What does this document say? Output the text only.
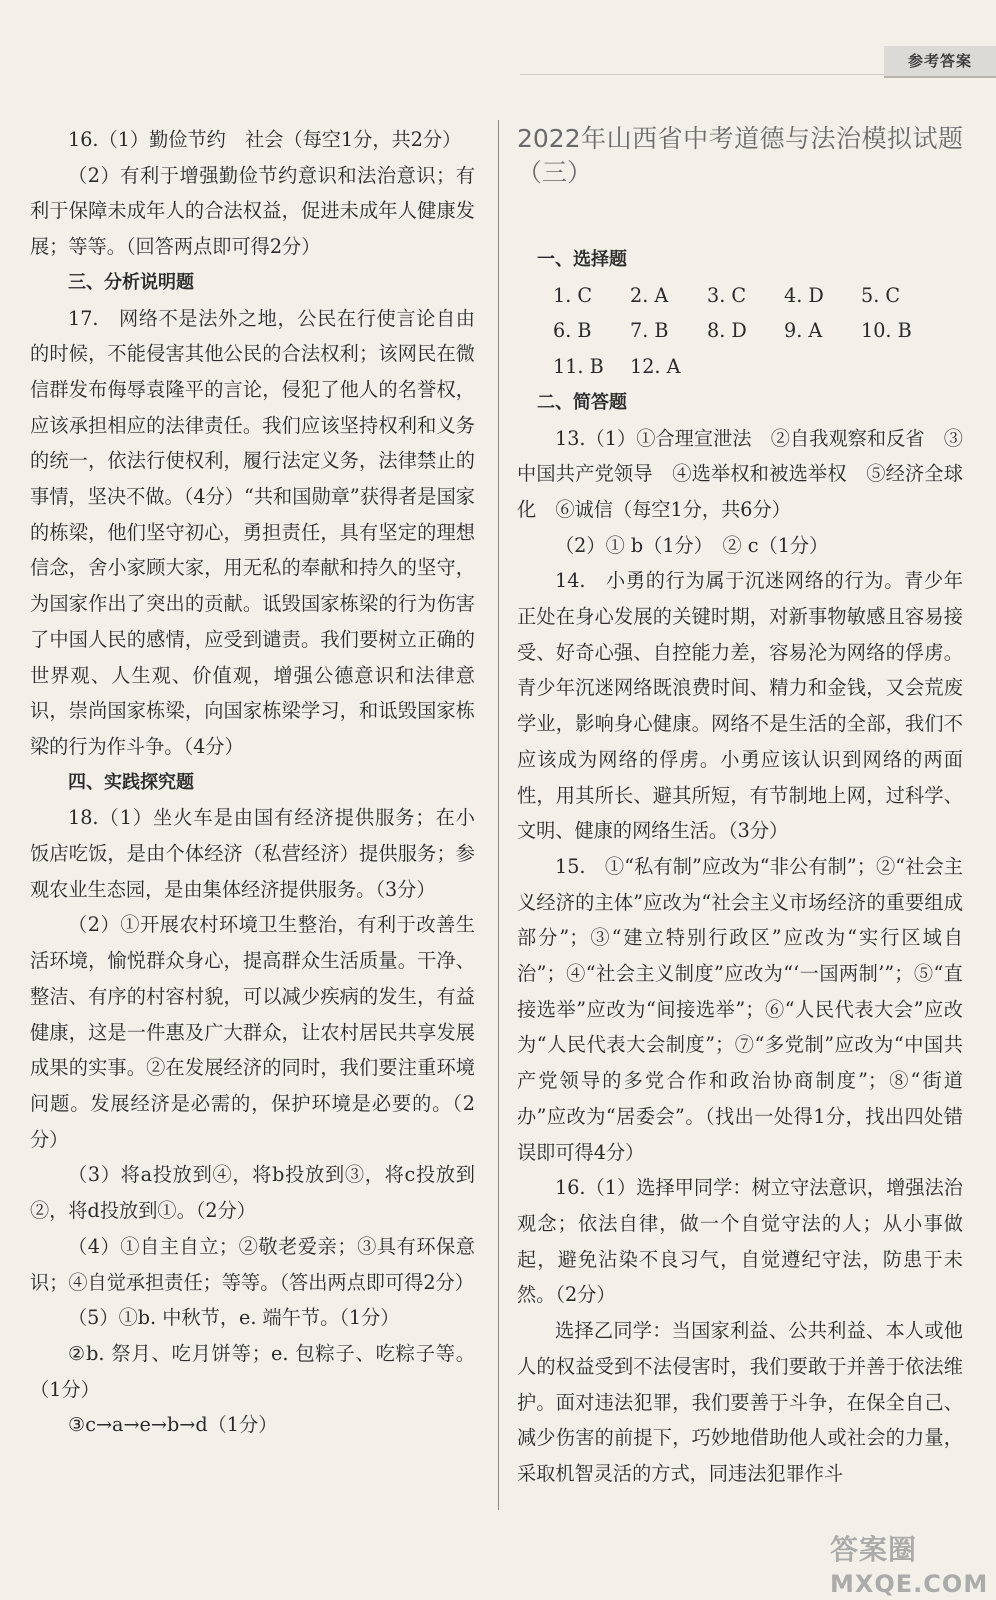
参考答案

16.（1）勤俭节约　社会（每空1分，共2分）

（2）有利于增强勤俭节约意识和法治意识；有利于保障未成年人的合法权益，促进未成年人健康发展；等等。（回答两点即可得2分）

三、分析说明题

17.　网络不是法外之地，公民在行使言论自由的时候，不能侵害其他公民的合法权利；该网民在微信群发布侮辱袁隆平的言论，侵犯了他人的名誉权，应该承担相应的法律责任。我们应该坚持权利和义务的统一，依法行使权利，履行法定义务，法律禁止的事情，坚决不做。（4分）“共和国勋章”获得者是国家的栋梁，他们坚守初心，勇担责任，具有坚定的理想信念，舍小家顾大家，用无私的奉献和持久的坚守，为国家作出了突出的贡献。诋毁国家栋梁的行为伤害了中国人民的感情，应受到谴责。我们要树立正确的世界观、人生观、价值观，增强公德意识和法律意识，崇尚国家栋梁，向国家栋梁学习，和诋毁国家栋梁的行为作斗争。（4分）

四、实践探究题

18.（1）坐火车是由国有经济提供服务；在小饭店吃饭，是由个体经济（私营经济）提供服务；参观农业生态园，是由集体经济提供服务。（3分）

（2）①开展农村环境卫生整治，有利于改善生活环境，愉悦群众身心，提高群众生活质量。干净、整洁、有序的村容村貌，可以减少疾病的发生，有益健康，这是一件惠及广大群众，让农村居民共享发展成果的实事。②在发展经济的同时，我们要注重环境问题。发展经济是必需的，保护环境是必要的。（2分）

（3）将a投放到④，将b投放到③，将c投放到②，将d投放到①。（2分）

（4）①自主自立；②敬老爱亲；③具有环保意识；④自觉承担责任；等等。（答出两点即可得2分）

（5）①b. 中秋节，e. 端午节。（1分）

②b. 祭月、吃月饼等；e. 包粽子、吃粽子等。（1分）

③c→a→e→b→d（1分）

2022年山西省中考道德与法治模拟试题（三）

一、选择题

1. C	2. A	3. C	4. D	5. C
6. B	7. B	8. D	9. A	10. B
11. B	12. A

二、简答题

13.（1）①合理宣泄法　②自我观察和反省　③中国共产党领导　④选举权和被选举权　⑤经济全球化　⑥诚信（每空1分，共6分）

（2）① b（1分）　② c（1分）

14.　小勇的行为属于沉迷网络的行为。青少年正处在身心发展的关键时期，对新事物敏感且容易接受、好奇心强、自控能力差，容易沦为网络的俘虏。青少年沉迷网络既浪费时间、精力和金钱，又会荒废学业，影响身心健康。网络不是生活的全部，我们不应该成为网络的俘虏。小勇应该认识到网络的两面性，用其所长、避其所短，有节制地上网，过科学、文明、健康的网络生活。（3分）

15.　①“私有制”应改为“非公有制”；②“社会主义经济的主体”应改为“社会主义市场经济的重要组成部分”；③“建立特别行政区”应改为“实行区域自治”；④“社会主义制度”应改为“‘一国两制’”；⑤“直接选举”应改为“间接选举”；⑥“人民代表大会”应改为“人民代表大会制度”；⑦“多党制”应改为“中国共产党领导的多党合作和政治协商制度”；⑧“街道办”应改为“居委会”。（找出一处得1分，找出四处错误即可得4分）

16.（1）选择甲同学：树立守法意识，增强法治观念；依法自律，做一个自觉守法的人；从小事做起，避免沾染不良习气，自觉遵纪守法，防患于未然。（2分）

选择乙同学：当国家利益、公共利益、本人或他人的权益受到不法侵害时，我们要敢于并善于依法维护。面对违法犯罪，我们要善于斗争，在保全自己、减少伤害的前提下，巧妙地借助他人或社会的力量，采取机智灵活的方式，同违法犯罪作斗

答案圈
MXQE.COM
